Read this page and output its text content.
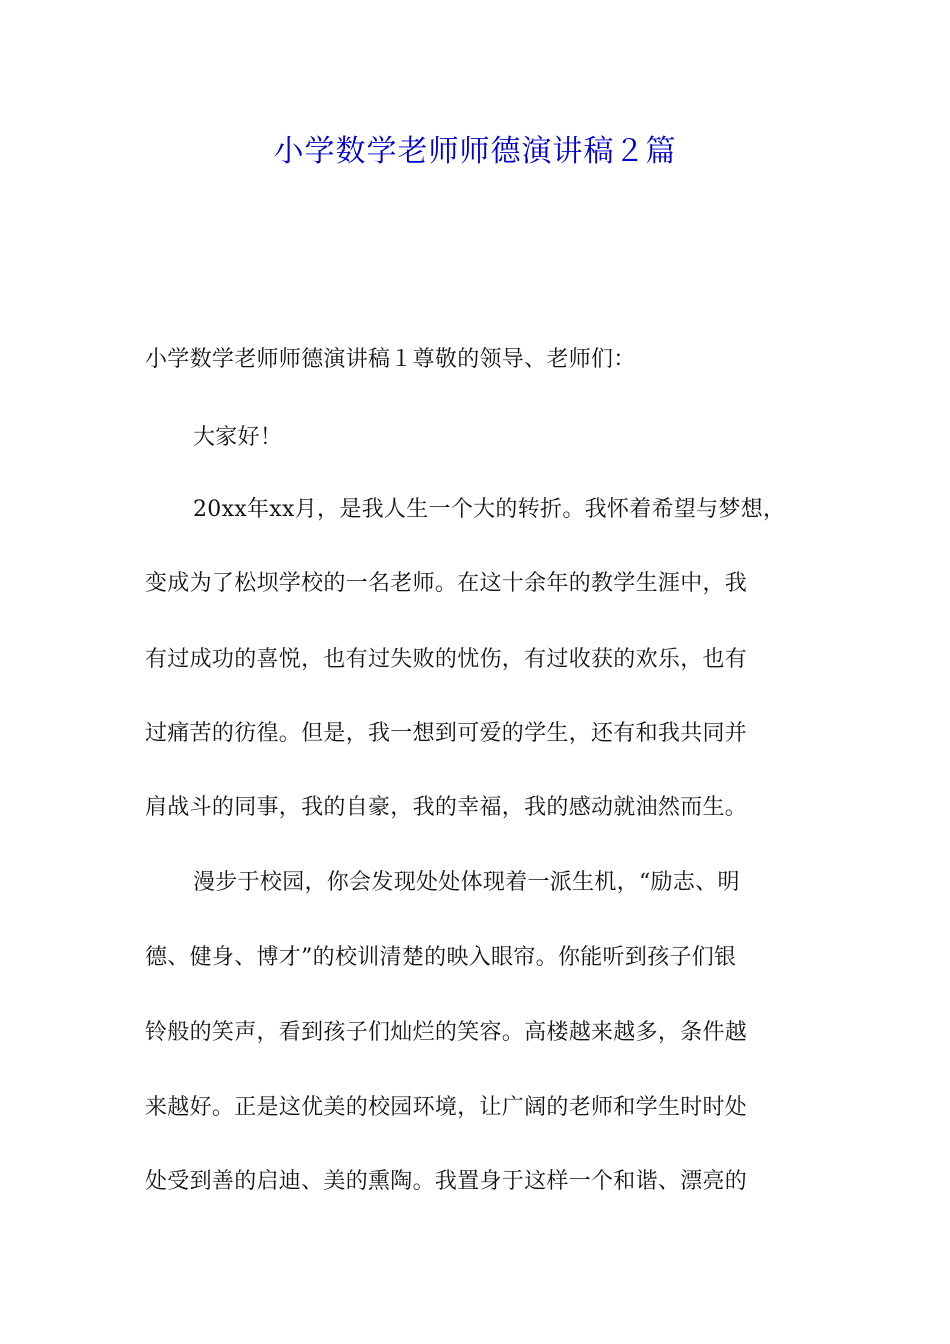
小学数学老师师德演讲稿２篇
小学数学老师师德演讲稿１尊敬的领导、老师们：
大家好！
20xx年xx月，是我人生一个大的转折。我怀着希望与梦想，
变成为了松坝学校的一名老师。在这十余年的教学生涯中，我
有过成功的喜悦，也有过失败的忧伤，有过收获的欢乐，也有
过痛苦的彷徨。但是，我一想到可爱的学生，还有和我共同并
肩战斗的同事，我的自豪，我的幸福，我的感动就油然而生。
漫步于校园，你会发现处处体现着一派生机，“励志、明
德、健身、博才”的校训清楚的映入眼帘。你能听到孩子们银
铃般的笑声，看到孩子们灿烂的笑容。高楼越来越多，条件越
来越好。正是这优美的校园环境，让广阔的老师和学生时时处
处受到善的启迪、美的熏陶。我置身于这样一个和谐、漂亮的
